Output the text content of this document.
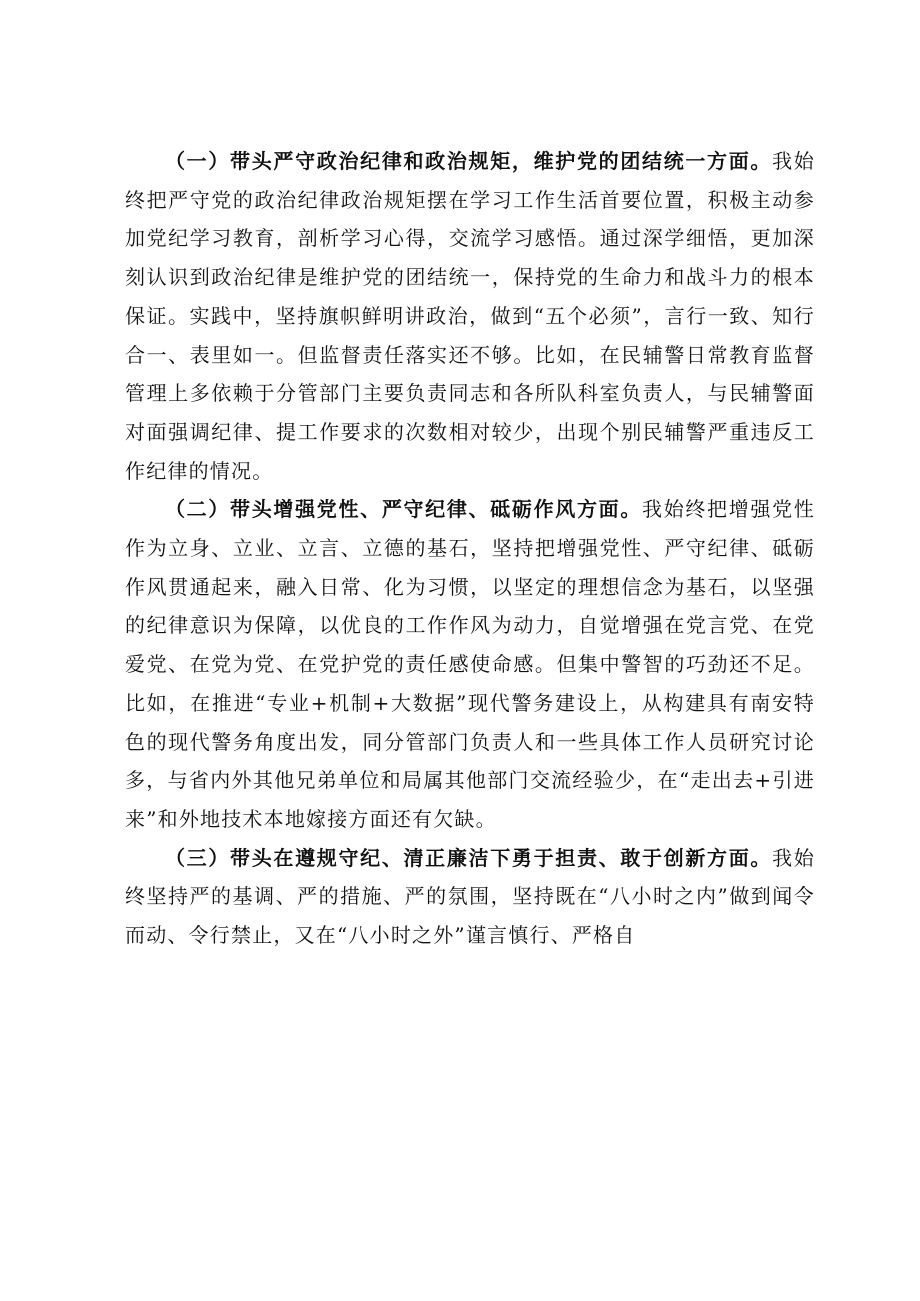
（一）带头严守政治纪律和政治规矩，维护党的团结统一方面。我始终把严守党的政治纪律政治规矩摆在学习工作生活首要位置，积极主动参加党纪学习教育，剖析学习心得，交流学习感悟。通过深学细悟，更加深刻认识到政治纪律是维护党的团结统一，保持党的生命力和战斗力的根本保证。实践中，坚持旗帜鲜明讲政治，做到“五个必须”，言行一致、知行合一、表里如一。但监督责任落实还不够。比如，在民辅警日常教育监督管理上多依赖于分管部门主要负责同志和各所队科室负责人，与民辅警面对面强调纪律、提工作要求的次数相对较少，出现个别民辅警严重违反工作纪律的情况。

（二）带头增强党性、严守纪律、砥砺作风方面。我始终把增强党性作为立身、立业、立言、立德的基石，坚持把增强党性、严守纪律、砥砺作风贯通起来，融入日常、化为习惯，以坚定的理想信念为基石，以坚强的纪律意识为保障，以优良的工作作风为动力，自觉增强在党言党、在党爱党、在党为党、在党护党的责任感使命感。但集中警智的巧劲还不足。比如，在推进“专业+机制+大数据”现代警务建设上，从构建具有南安特色的现代警务角度出发，同分管部门负责人和一些具体工作人员研究讨论多，与省内外其他兄弟单位和局属其他部门交流经验少，在“走出去+引进来”和外地技术本地嫁接方面还有欠缺。

（三）带头在遵规守纪、清正廉洁下勇于担责、敢于创新方面。我始终坚持严的基调、严的措施、严的氛围，坚持既在“八小时之内”做到闻令而动、令行禁止，又在“八小时之外”谨言慎行、严格自
